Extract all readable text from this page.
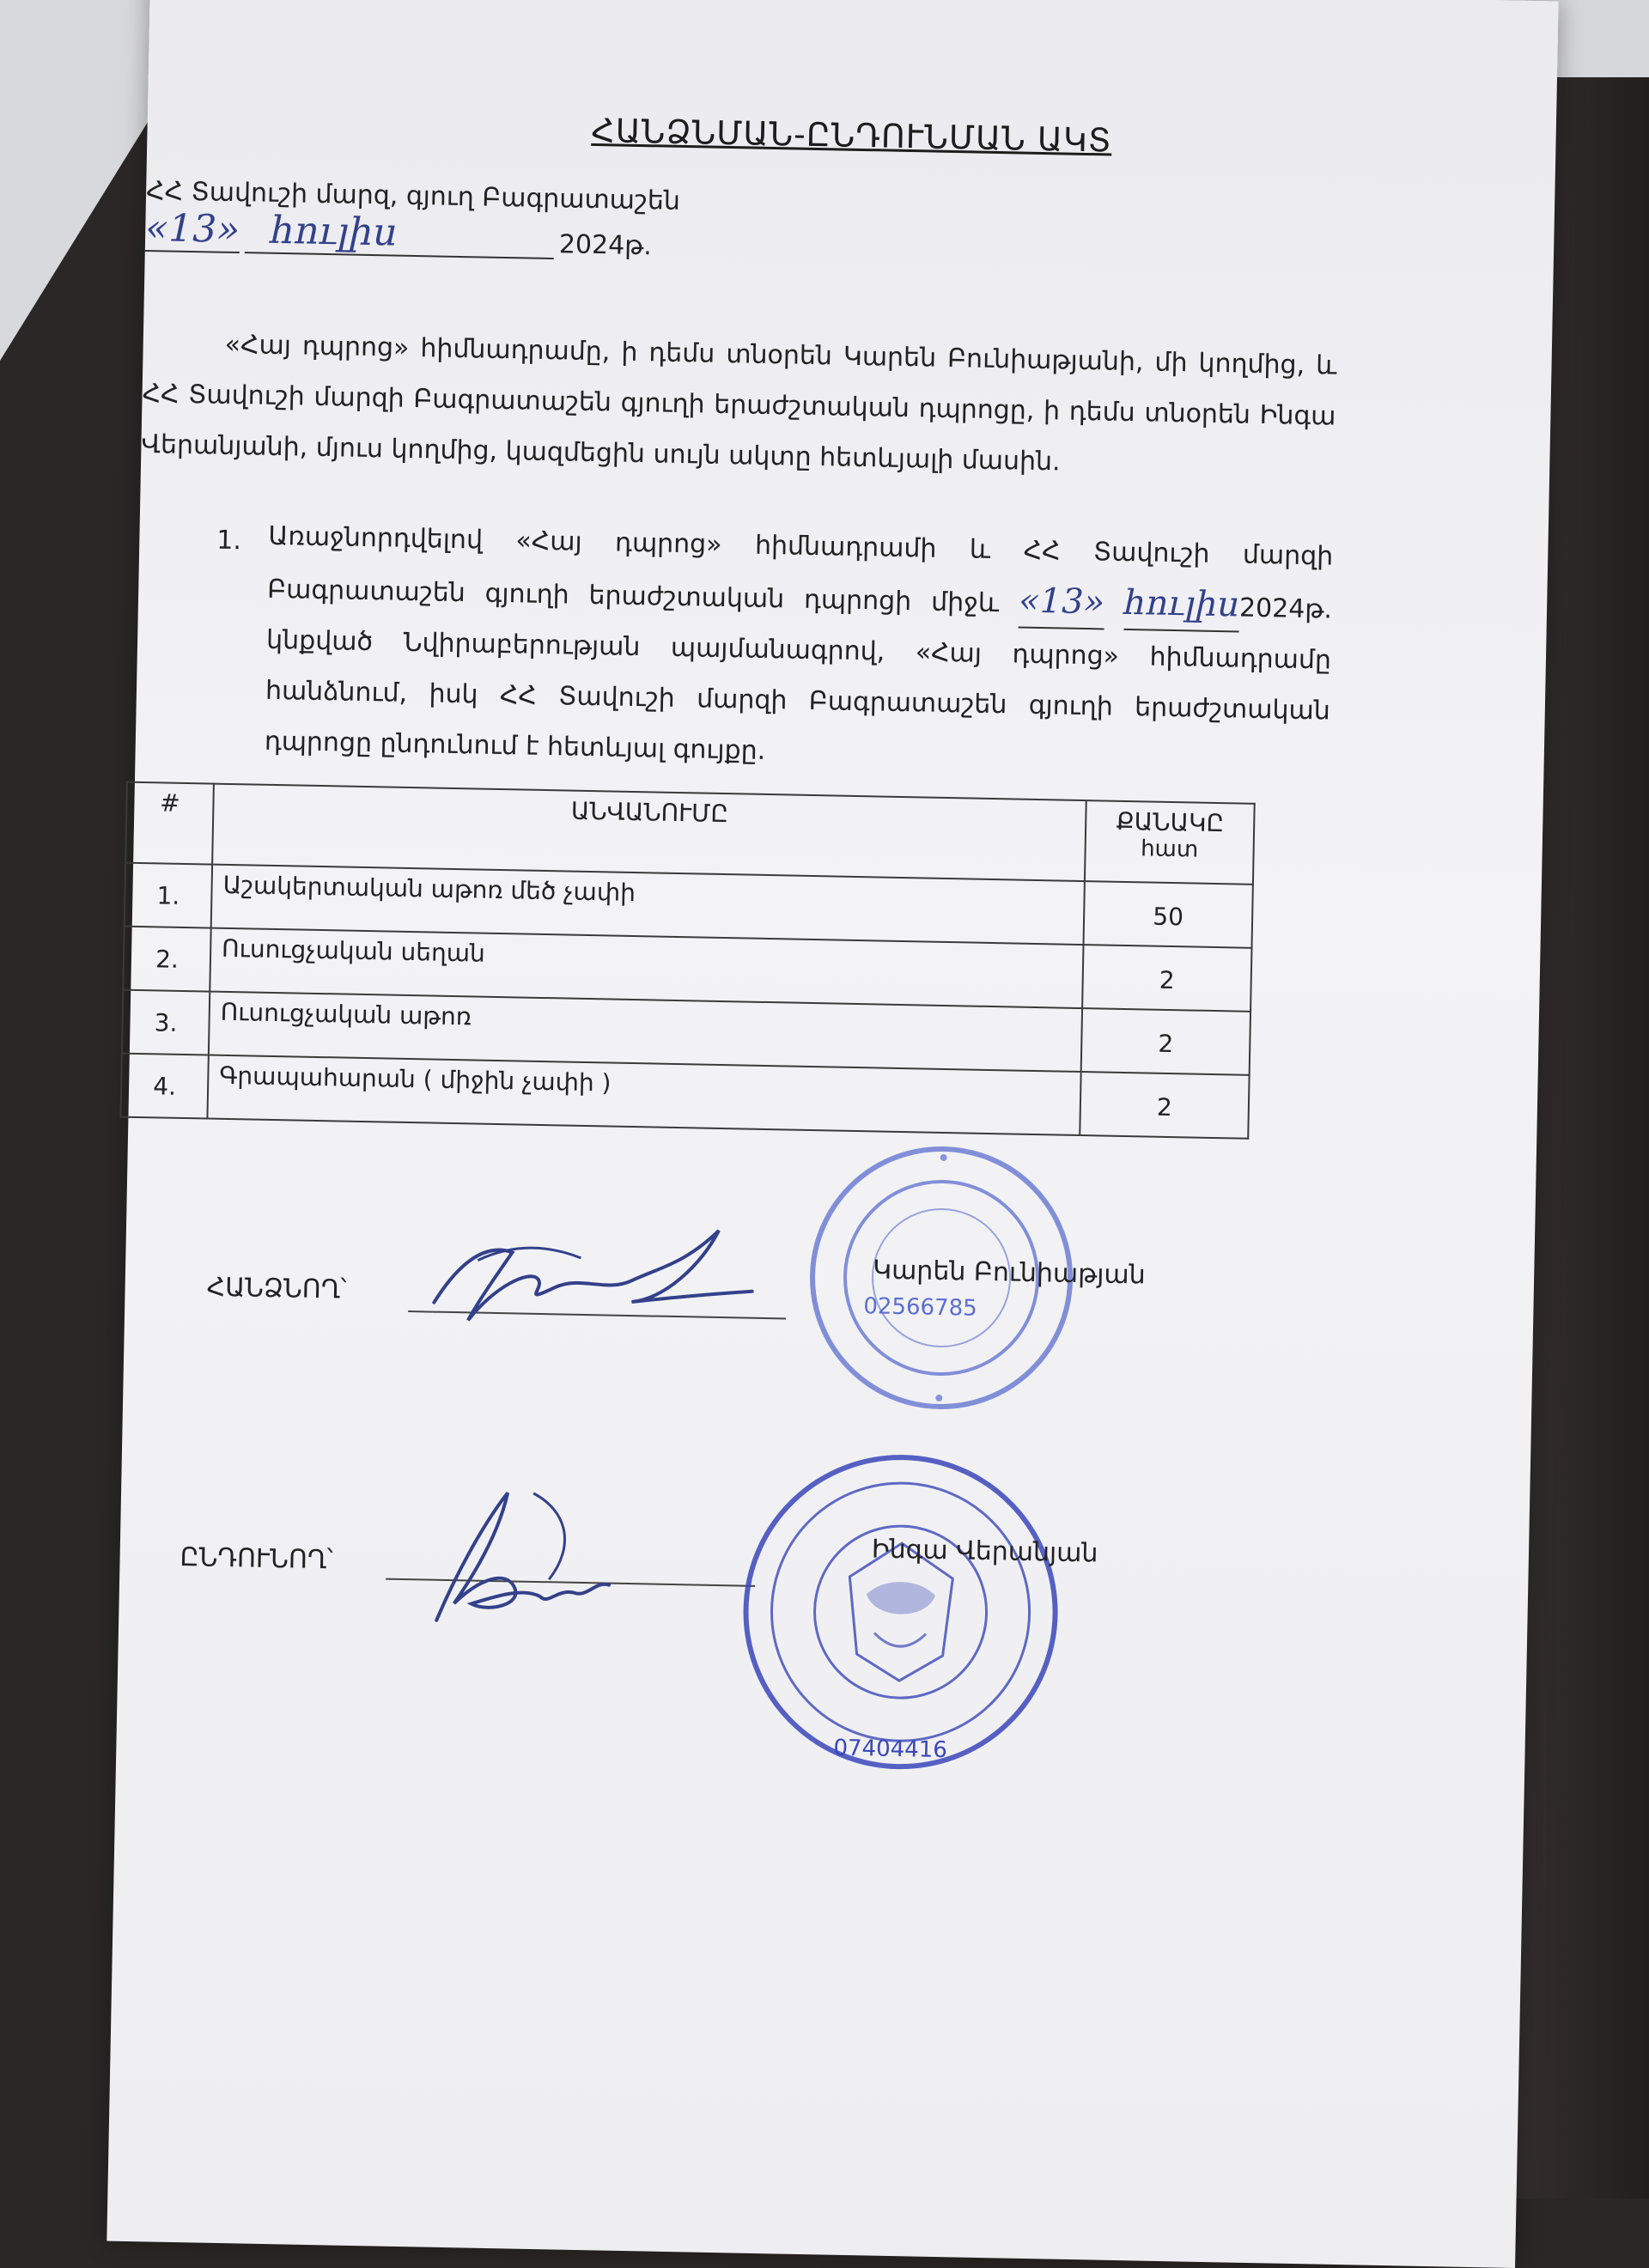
ՀԱՆՁՆՄԱՆ-ԸՆԴՈՒՆՄԱՆ ԱԿՏ
ՀՀ Տավուշի մարզ, գյուղ Բագրատաշեն
«13» հուլիս	2024թ.
«Հայ դպրոց» հիմնադրամը, ի դեմս տնօրեն Կարեն Բունիաթյանի, մի կողմից, և ՀՀ Տավուշի մարզի Բագրատաշեն գյուղի երաժշտական դպրոցը, ի դեմս տնօրեն Ինգա Վերանյանի, մյուս կողմից, կազմեցին սույն ակտը հետևյալի մասին.
1. Առաջնորդվելով «Հայ դպրոց» հիմնադրամի և ՀՀ Տավուշի մարզի Բագրատաշեն գյուղի երաժշտական դպրոցի միջև «13» հուլիս2024թ. կնքված Նվիրաբերության պայմանագրով, «Հայ դպրոց» հիմնադրամը հանձնում, իսկ ՀՀ Տավուշի մարզի Բագրատաշեն գյուղի երաժշտական դպրոցը ընդունում է հետևյալ գույքը.
#	ԱՆՎԱՆՈՒՄԸ	ՔԱՆԱԿԸ
հատ

1.	Աշակերտական աթոռ մեծ չափի	50

2.	Ուսուցչական սեղան	2

3.	Ուսուցչական աթոռ	2

4.	Գրապահարան ( միջին չափի )	2
ՀԱՆՁՆՈՂ՝
02566785
Կարեն Բունիաթյան
ԸՆԴՈՒՆՈՂ՝
07404416
Ինգա Վերանյան
